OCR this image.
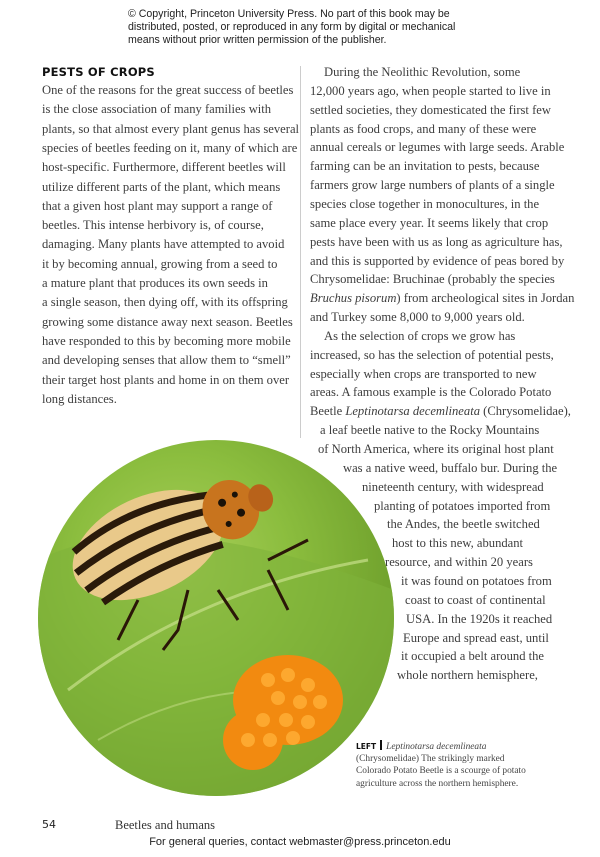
© Copyright, Princeton University Press. No part of this book may be distributed, posted, or reproduced in any form by digital or mechanical means without prior written permission of the publisher.
PESTS OF CROPS
One of the reasons for the great success of beetles
is the close association of many families with
plants, so that almost every plant genus has several
species of beetles feeding on it, many of which are
host-specific. Furthermore, different beetles will
utilize different parts of the plant, which means
that a given host plant may support a range of
beetles. This intense herbivory is, of course,
damaging. Many plants have attempted to avoid
it by becoming annual, growing from a seed to
a mature plant that produces its own seeds in
a single season, then dying off, with its offspring
growing some distance away next season. Beetles
have responded to this by becoming more mobile
and developing senses that allow them to “smell”
their target host plants and home in on them over
long distances.
During the Neolithic Revolution, some
12,000 years ago, when people started to live in
settled societies, they domesticated the first few
plants as food crops, and many of these were
annual cereals or legumes with large seeds. Arable
farming can be an invitation to pests, because
farmers grow large numbers of plants of a single
species close together in monocultures, in the
same place every year. It seems likely that crop
pests have been with us as long as agriculture has,
and this is supported by evidence of peas bored by
Chrysomelidae: Bruchinae (probably the species
Bruchus pisorum) from archeological sites in Jordan
and Turkey some 8,000 to 9,000 years old.
As the selection of crops we grow has
increased, so has the selection of potential pests,
especially when crops are transported to new
areas. A famous example is the Colorado Potato
Beetle Leptinotarsa decemlineata (Chrysomelidae),
a leaf beetle native to the Rocky Mountains
of North America, where its original host plant
was a native weed, buffalo bur. During the
nineteenth century, with widespread
planting of potatoes imported from
the Andes, the beetle switched
host to this new, abundant
resource, and within 20 years
it was found on potatoes from
coast to coast of continental
USA. In the 1920s it reached
Europe and spread east, until
it occupied a belt around the
whole northern hemisphere,
LEFT Leptinotarsa decemlineata (Chrysomelidae) The strikingly marked Colorado Potato Beetle is a scourge of potato agriculture across the northern hemisphere.
54	Beetles and humans
For general queries, contact webmaster@press.princeton.edu
